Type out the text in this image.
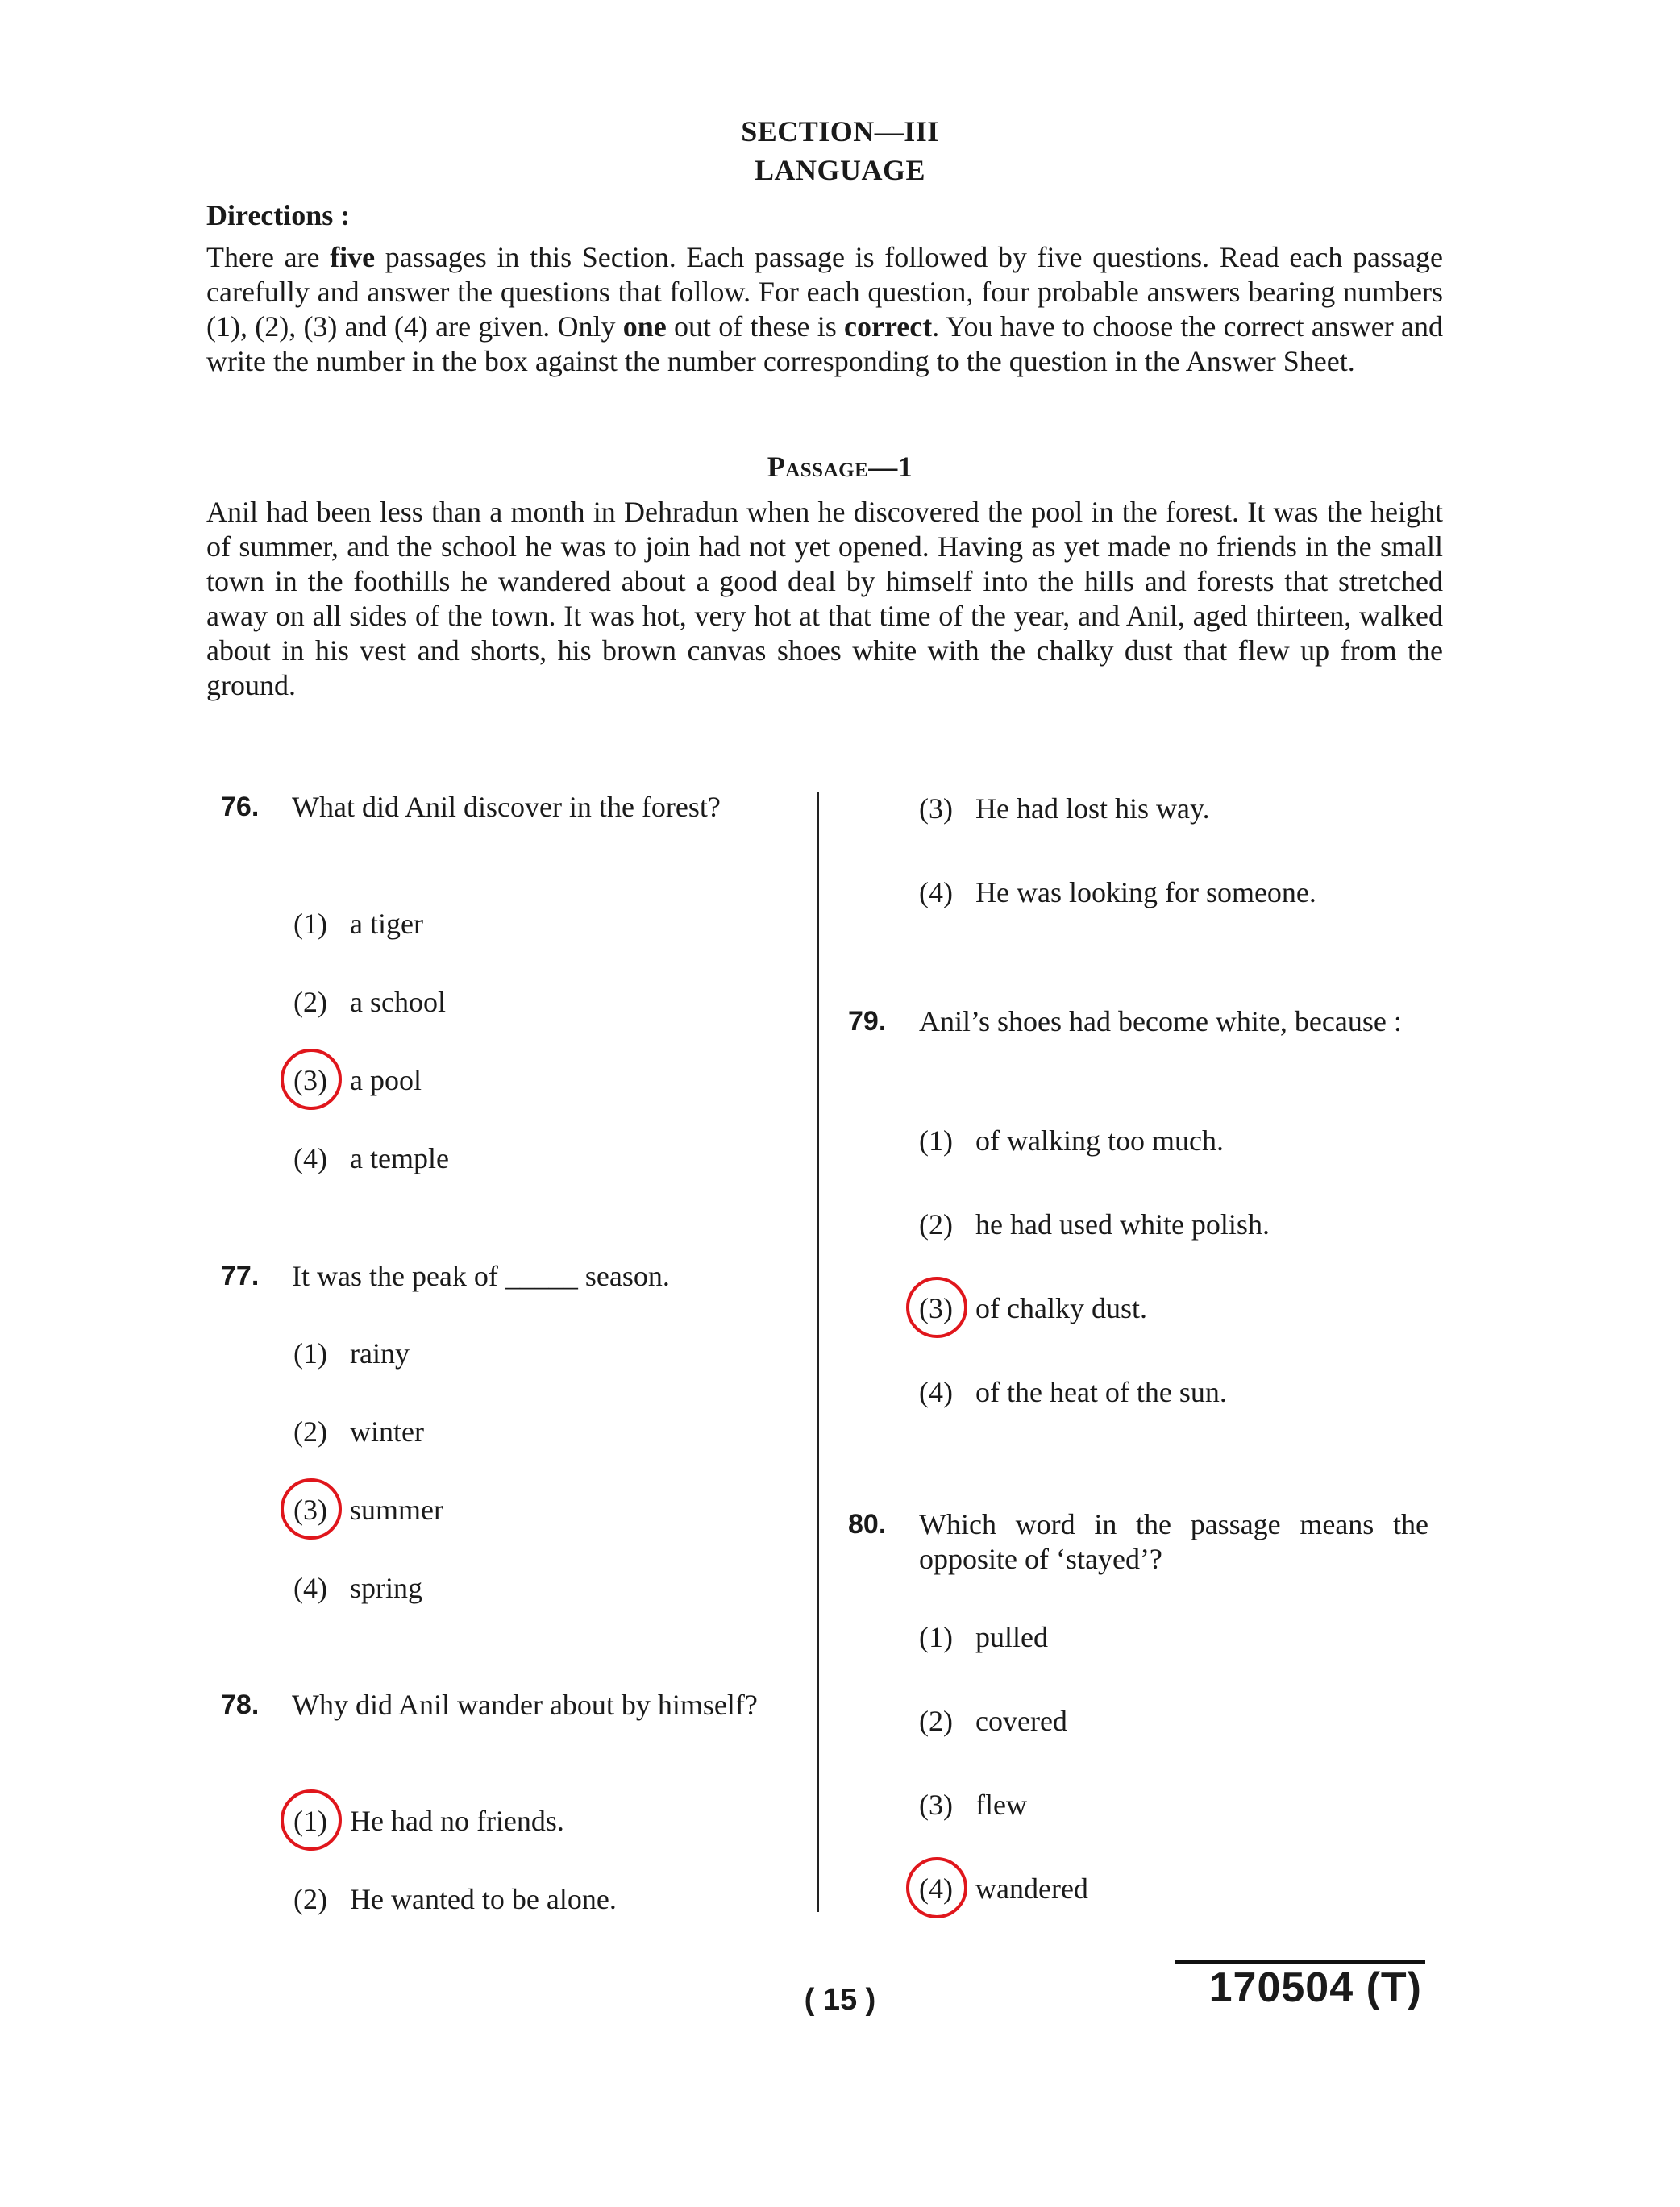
SECTION—III
LANGUAGE
Directions :
There are five passages in this Section. Each passage is followed by five questions. Read each passage carefully and answer the questions that follow. For each question, four probable answers bearing numbers (1), (2), (3) and (4) are given. Only one out of these is correct. You have to choose the correct answer and write the number in the box against the number corresponding to the question in the Answer Sheet.
Passage—1
Anil had been less than a month in Dehradun when he discovered the pool in the forest. It was the height of summer, and the school he was to join had not yet opened. Having as yet made no friends in the small town in the foothills he wandered about a good deal by himself into the hills and forests that stretched away on all sides of the town. It was hot, very hot at that time of the year, and Anil, aged thirteen, walked about in his vest and shorts, his brown canvas shoes white with the chalky dust that flew up from the ground.
76. What did Anil discover in the forest?
(1) a tiger
(2) a school
(3) a pool
(4) a temple
77. It was the peak of _____ season.
(1) rainy
(2) winter
(3) summer
(4) spring
78. Why did Anil wander about by himself?
(1) He had no friends.
(2) He wanted to be alone.
(3) He had lost his way.
(4) He was looking for someone.
79. Anil’s shoes had become white, because :
(1) of walking too much.
(2) he had used white polish.
(3) of chalky dust.
(4) of the heat of the sun.
80. Which word in the passage means the opposite of ‘stayed’?
(1) pulled
(2) covered
(3) flew
(4) wandered
( 15 )	170504 (T)
